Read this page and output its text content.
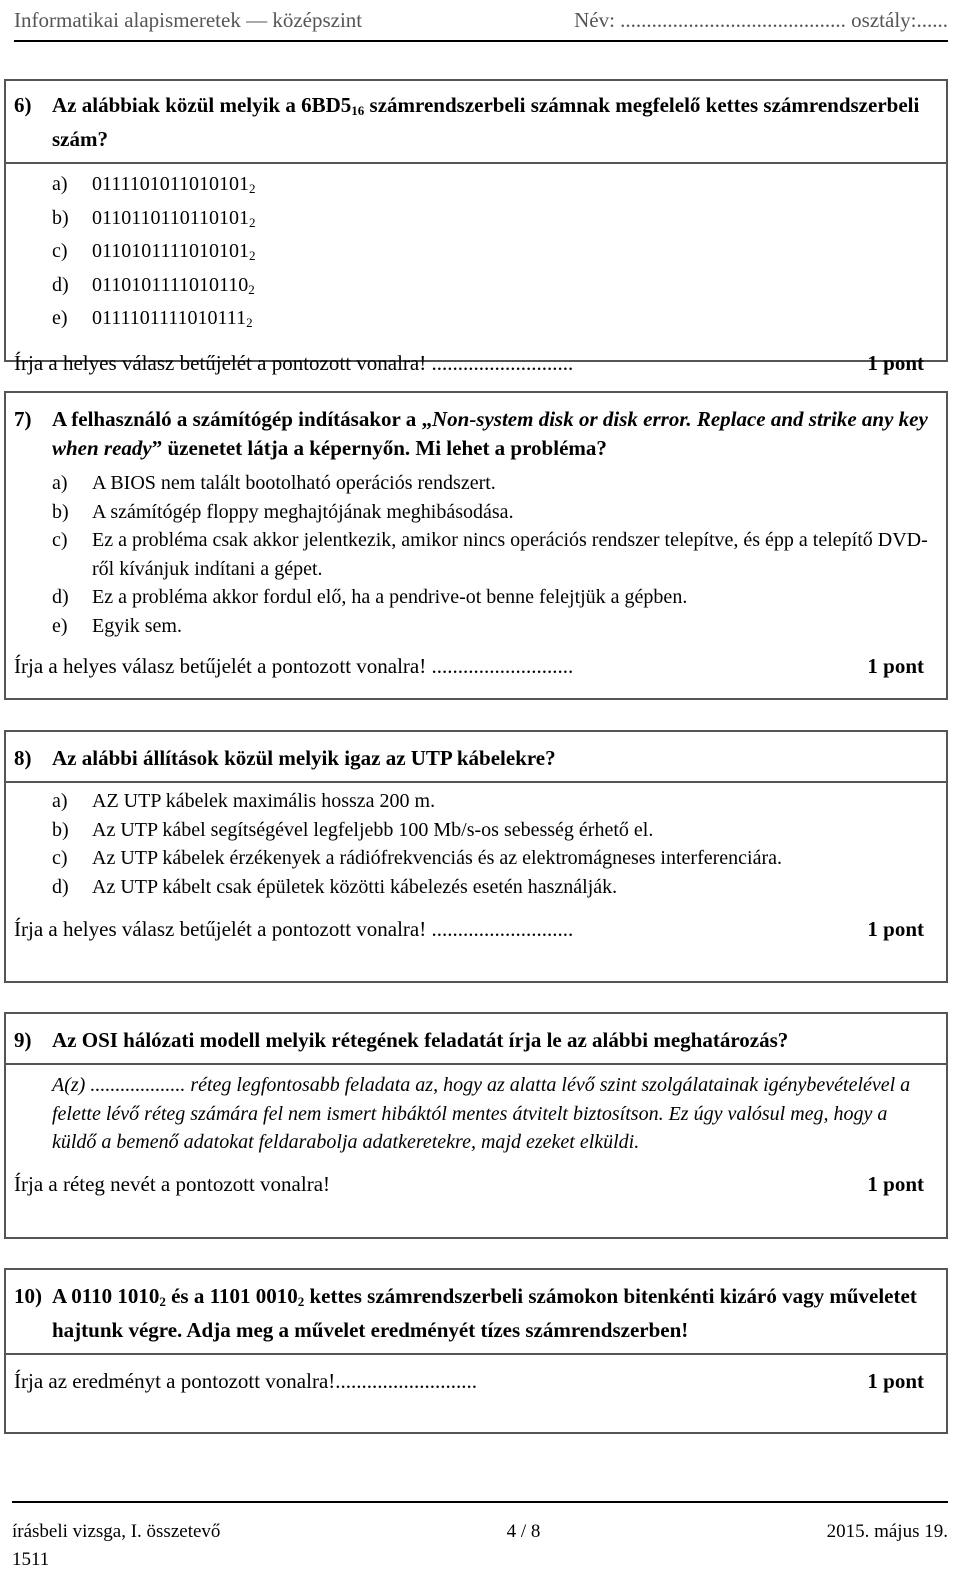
Informatikai alapismeretek — középszint	Név: ........................................... osztály:......
6) Az alábbiak közül melyik a $6BD5_{16}$ számrendszerbeli számnak megfelelő kettes számrendszerbeli szám?
a)	$0111101011010101_2$
b)	$0110110110110101_2$
c)	$0110101111010101_2$
d)	$0110101111010110_2$
e)	$0111101111010111_2$
Írja a helyes válasz betűjelét a pontozott vonalra! ...........................	1 pont
7) A felhasználó a számítógép indításakor a „Non-system disk or disk error. Replace and strike any key when ready” üzenetet látja a képernyőn. Mi lehet a probléma?
a)	A BIOS nem talált bootolható operációs rendszert.
b)	A számítógép floppy meghajtójának meghibásodása.
c)	Ez a probléma csak akkor jelentkezik, amikor nincs operációs rendszer telepítve, és épp a telepítő DVD-ről kívánjuk indítani a gépet.
d)	Ez a probléma akkor fordul elő, ha a pendrive-ot benne felejtjük a gépben.
e)	Egyik sem.
Írja a helyes válasz betűjelét a pontozott vonalra! ...........................	1 pont
8) Az alábbi állítások közül melyik igaz az UTP kábelekre?
a)	AZ UTP kábelek maximális hossza 200 m.
b)	Az UTP kábel segítségével legfeljebb 100 Mb/s-os sebesség érhető el.
c)	Az UTP kábelek érzékenyek a rádiófrekvenciás és az elektromágneses interferenciára.
d)	Az UTP kábelt csak épületek közötti kábelezés esetén használják.
Írja a helyes válasz betűjelét a pontozott vonalra! ...........................	1 pont
9) Az OSI hálózati modell melyik rétegének feladatát írja le az alábbi meghatározás?
A(z) ................... réteg legfontosabb feladata az, hogy az alatta lévő szint szolgálatainak igénybevételével a felette lévő réteg számára fel nem ismert hibáktól mentes átvitelt biztosítson. Ez úgy valósul meg, hogy a küldő a bemenő adatokat feldarabolja adatkeretekre, majd ezeket elküldi.
Írja a réteg nevét a pontozott vonalra!	1 pont
10) A 0110 $1010_2$ és a 1101 $0010_2$ kettes számrendszerbeli számokon bitenkénti kizáró vagy műveletet hajtunk végre. Adja meg a művelet eredményét tízes számrendszerben!
Írja az eredményt a pontozott vonalra!...........................	1 pont
írásbeli vizsga, I. összetevő	4 / 8	2015. május 19.
1511
